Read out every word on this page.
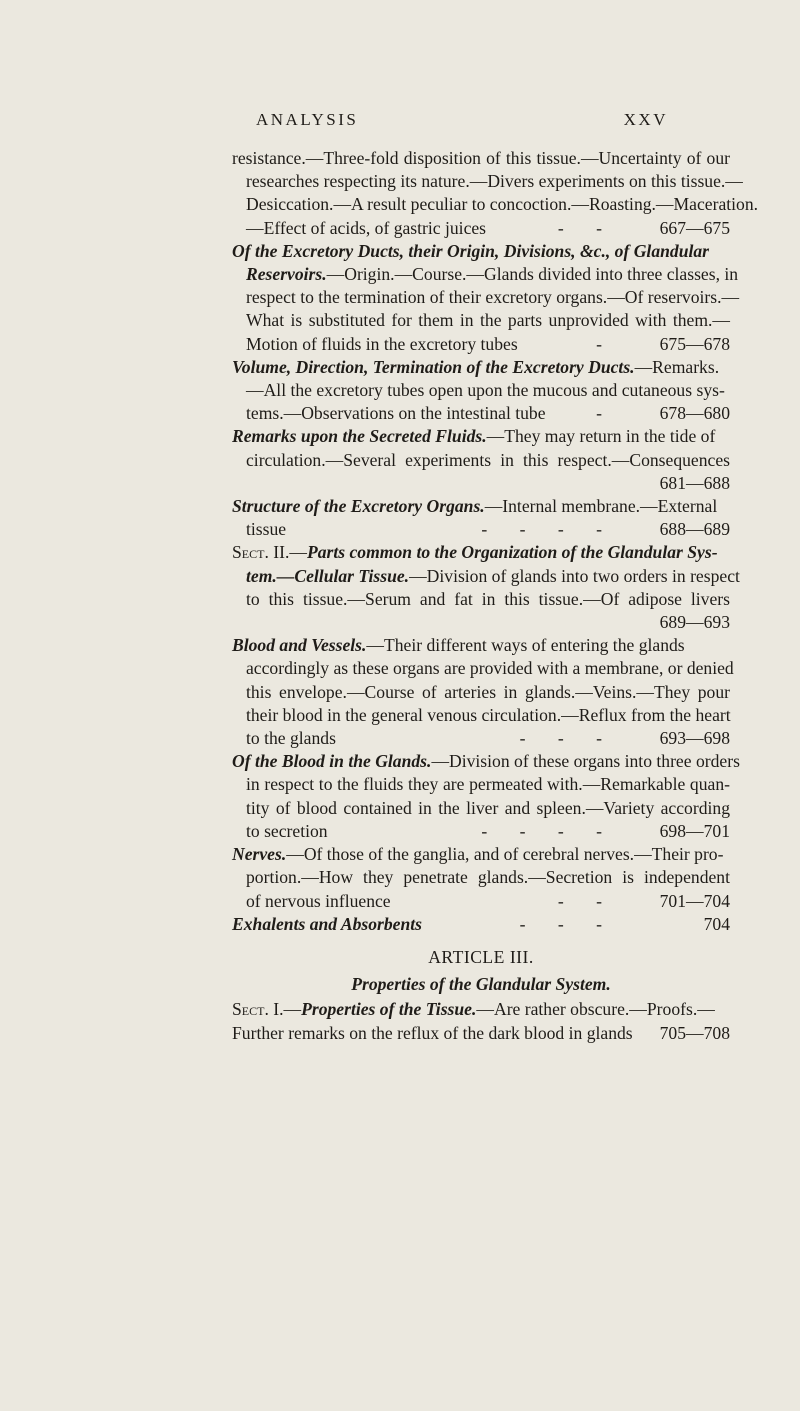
ANALYSIS	XXV
resistance.—Three-fold disposition of this tissue.—Uncertainty of our
researches respecting its nature.—Divers experiments on this tissue.—
Desiccation.—A result peculiar to concoction.—Roasting.—Maceration.
—Effect of acids, of gastric juices	- -	667—675
Of the Excretory Ducts, their Origin, Divisions, &c., of Glandular
Reservoirs.—Origin.—Course.—Glands divided into three classes, in
respect to the termination of their excretory organs.—Of reservoirs.—
What is substituted for them in the parts unprovided with them.—
Motion of fluids in the excretory tubes	-	675—678
Volume, Direction, Termination of the Excretory Ducts.—Remarks.
—All the excretory tubes open upon the mucous and cutaneous sys-
tems.—Observations on the intestinal tube	-	678—680
Remarks upon the Secreted Fluids.—They may return in the tide of
circulation.—Several experiments in this respect.—Consequences
681—688
Structure of the Excretory Organs.—Internal membrane.—External
tissue	- - - -	688—689
Sect. II.—Parts common to the Organization of the Glandular Sys-
tem.—Cellular Tissue.—Division of glands into two orders in respect
to this tissue.—Serum and fat in this tissue.—Of adipose livers
689—693
Blood and Vessels.—Their different ways of entering the glands
accordingly as these organs are provided with a membrane, or denied
this envelope.—Course of arteries in glands.—Veins.—They pour
their blood in the general venous circulation.—Reflux from the heart
to the glands	- - -	693—698
Of the Blood in the Glands.—Division of these organs into three orders
in respect to the fluids they are permeated with.—Remarkable quan-
tity of blood contained in the liver and spleen.—Variety according
to secretion	- - - -	698—701
Nerves.—Of those of the ganglia, and of cerebral nerves.—Their pro-
portion.—How they penetrate glands.—Secretion is independent
of nervous influence	- -	701—704
Exhalents and Absorbents	- - -	704
ARTICLE III.
Properties of the Glandular System.
Sect. I.—Properties of the Tissue.—Are rather obscure.—Proofs.—
Further remarks on the reflux of the dark blood in glands	705—708
